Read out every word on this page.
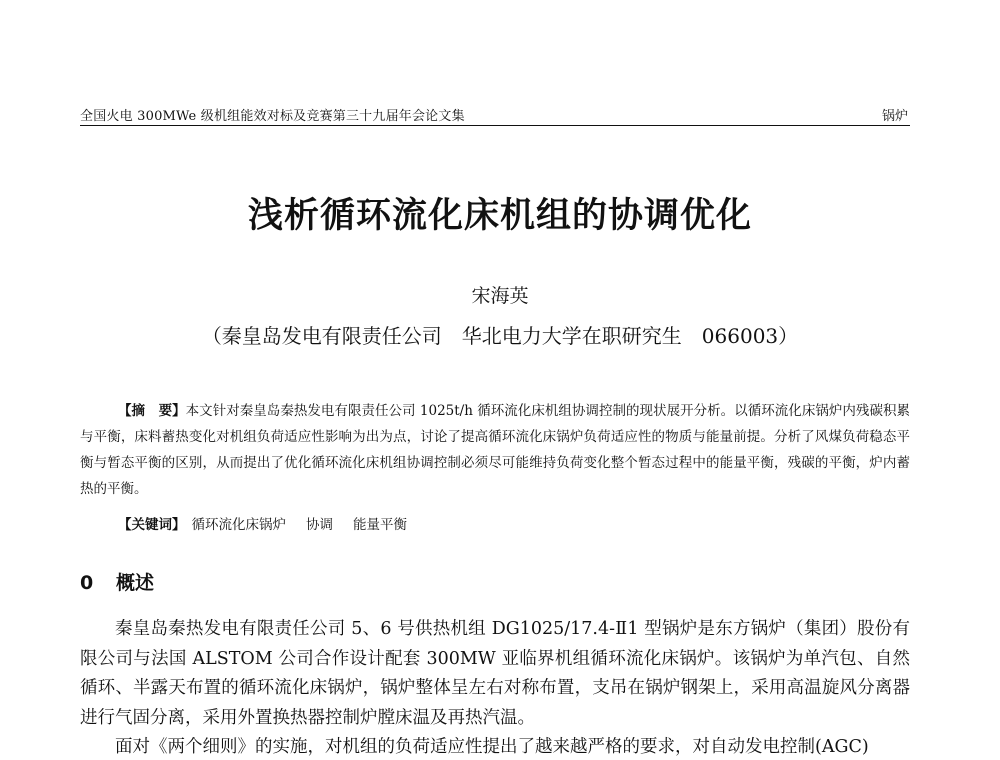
全国火电 300MWe 级机组能效对标及竞赛第三十九届年会论文集	锅炉
浅析循环流化床机组的协调优化
宋海英
（秦皇岛发电有限责任公司　华北电力大学在职研究生　066003）
【摘　要】本文针对秦皇岛秦热发电有限责任公司 1025t/h 循环流化床机组协调控制的现状展开分析。以循环流化床锅炉内残碳积累与平衡，床料蓄热变化对机组负荷适应性影响为出为点，讨论了提高循环流化床锅炉负荷适应性的物质与能量前提。分析了风煤负荷稳态平衡与暂态平衡的区别，从而提出了优化循环流化床机组协调控制必须尽可能维持负荷变化整个暂态过程中的能量平衡，残碳的平衡，炉内蓄热的平衡。
【关键词】 循环流化床锅炉 协调 能量平衡
0 概述

秦皇岛秦热发电有限责任公司 5、6 号供热机组 DG1025/17.4-Ⅱ1 型锅炉是东方锅炉（集团）股份有限公司与法国 ALSTOM 公司合作设计配套 300MW 亚临界机组循环流化床锅炉。该锅炉为单汽包、自然循环、半露天布置的循环流化床锅炉，锅炉整体呈左右对称布置，支吊在锅炉钢架上，采用高温旋风分离器进行气固分离，采用外置换热器控制炉膛床温及再热汽温。

面对《两个细则》的实施，对机组的负荷适应性提出了越来越严格的要求，对自动发电控制(AGC)
